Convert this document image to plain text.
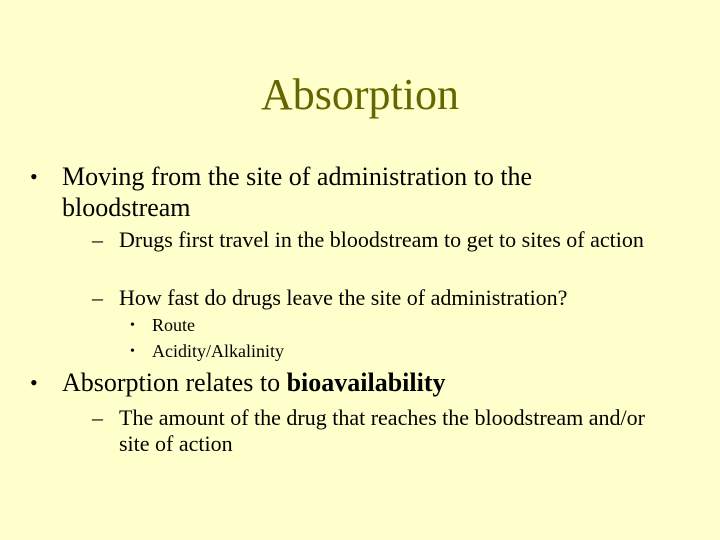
Absorption
• Moving from the site of administration to the bloodstream
– Drugs first travel in the bloodstream to get to sites of action
– How fast do drugs leave the site of administration?
• Route
• Acidity/Alkalinity
• Absorption relates to bioavailability
– The amount of the drug that reaches the bloodstream and/or site of action
